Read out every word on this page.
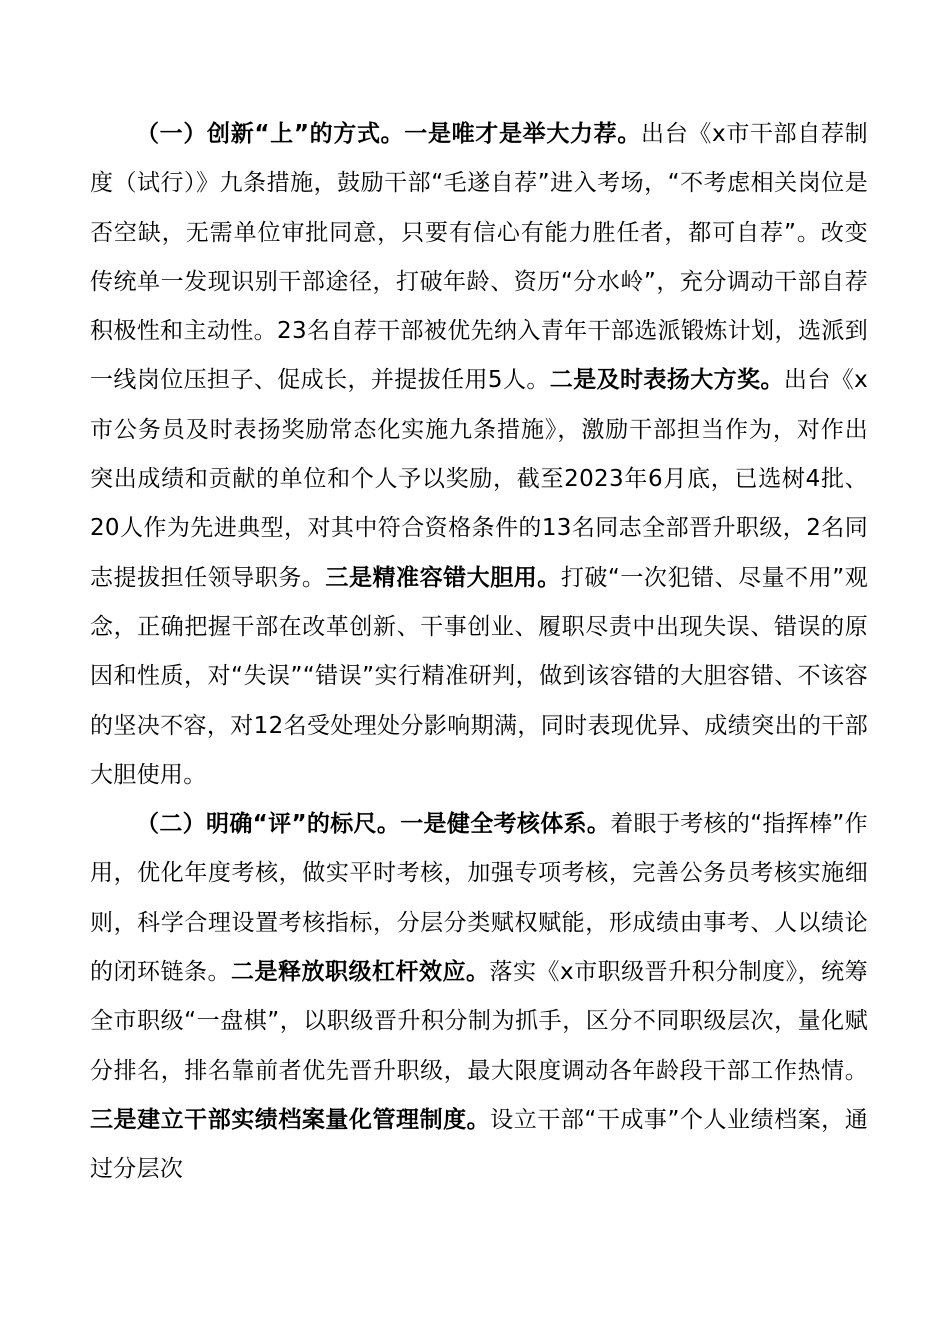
（一）创新“上”的方式。一是唯才是举大力荐。出台《x市干部自荐制度（试行）》九条措施，鼓励干部“毛遂自荐”进入考场，“不考虑相关岗位是否空缺，无需单位审批同意，只要有信心有能力胜任者，都可自荐”。改变传统单一发现识别干部途径，打破年龄、资历“分水岭”，充分调动干部自荐积极性和主动性。23名自荐干部被优先纳入青年干部选派锻炼计划，选派到一线岗位压担子、促成长，并提拔任用5人。二是及时表扬大方奖。出台《x市公务员及时表扬奖励常态化实施九条措施》，激励干部担当作为，对作出突出成绩和贡献的单位和个人予以奖励，截至2023年6月底，已选树4批、20人作为先进典型，对其中符合资格条件的13名同志全部晋升职级，2名同志提拔担任领导职务。三是精准容错大胆用。打破“一次犯错、尽量不用”观念，正确把握干部在改革创新、干事创业、履职尽责中出现失误、错误的原因和性质，对“失误”“错误”实行精准研判，做到该容错的大胆容错、不该容的坚决不容，对12名受处理处分影响期满，同时表现优异、成绩突出的干部大胆使用。

（二）明确“评”的标尺。一是健全考核体系。着眼于考核的“指挥棒”作用，优化年度考核，做实平时考核，加强专项考核，完善公务员考核实施细则，科学合理设置考核指标，分层分类赋权赋能，形成绩由事考、人以绩论的闭环链条。二是释放职级杠杆效应。落实《x市职级晋升积分制度》，统筹全市职级“一盘棋”，以职级晋升积分制为抓手，区分不同职级层次，量化赋分排名，排名靠前者优先晋升职级，最大限度调动各年龄段干部工作热情。三是建立干部实绩档案量化管理制度。设立干部“干成事”个人业绩档案，通过分层次
